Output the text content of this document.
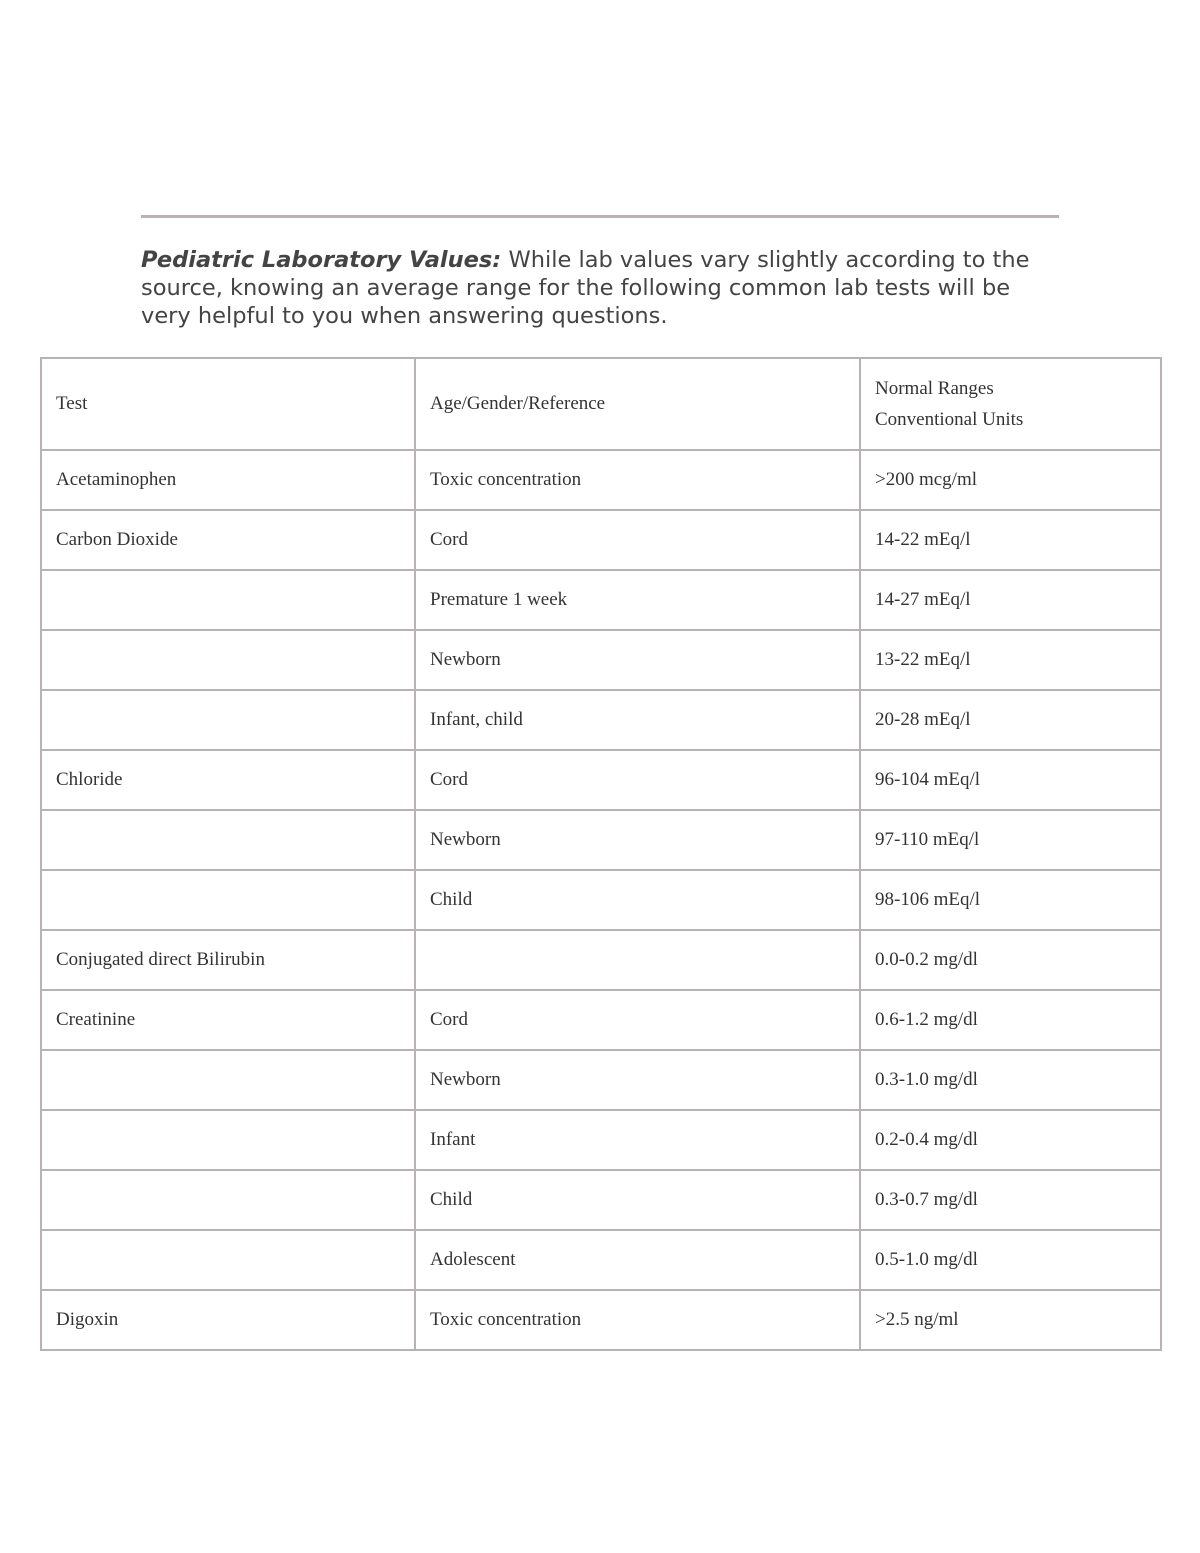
Pediatric Laboratory Values: While lab values vary slightly according to the source, knowing an average range for the following common lab tests will be very helpful to you when answering questions.

Test	Age/Gender/Reference	Normal Ranges
Conventional Units

Acetaminophen	Toxic concentration	>200 mcg/ml
Carbon Dioxide	Cord	14-22 mEq/l
	Premature 1 week	14-27 mEq/l
	Newborn	13-22 mEq/l
	Infant, child	20-28 mEq/l
Chloride	Cord	96-104 mEq/l
	Newborn	97-110 mEq/l
	Child	98-106 mEq/l
Conjugated direct Bilirubin		0.0-0.2 mg/dl
Creatinine	Cord	0.6-1.2 mg/dl
	Newborn	0.3-1.0 mg/dl
	Infant	0.2-0.4 mg/dl
	Child	0.3-0.7 mg/dl
	Adolescent	0.5-1.0 mg/dl
Digoxin	Toxic concentration	>2.5 ng/ml
